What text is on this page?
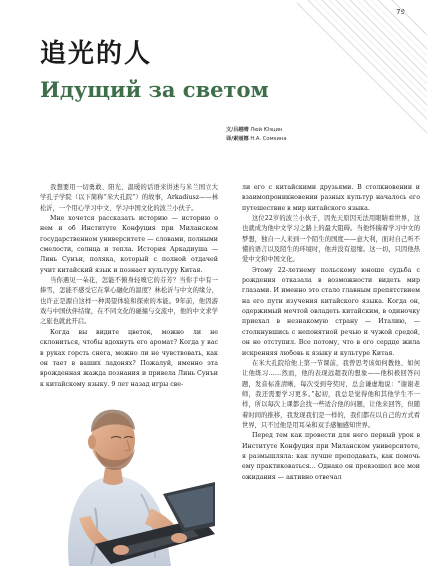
79
追光的人
Идущий за светом
文/吕越晴 Люй Юэцин
译/索丽娜 Н.А. Сомкина

我想要用一切勇敢、阳光、温暖的话语来讲述与米兰国立大学孔子学院（以下简称“米大孔院”）的故事，Arkadiusz——林松沂，一个用心学习中文、学习中国文化的波兰小伙子。

Мне хочется рассказать историю — историю о нем и об Институте Конфуция при Миланском государственном университете — словами, полными смелости, солнца и тепла. История Аркадиуша — Линь Сунъи, поляка, который с полной отдачей учит китайский язык и познает культуру Китая.

当你遇见一朵花，怎能不俯身轻嗅它的芬芳？当你手中有一捧雪，怎能不感受它在掌心融化的温度？林松沂与中文的缘分，也许正是源自这样一种渴望体验和探索的本能。9年前，他因游戏与中国伙伴结缘，在不同文化的碰撞与交流中，他的中文求学之旅也就此开启。

Когда вы видите цветок, можно ли не склониться, чтобы вдохнуть его аромат? Когда у вас в руках горсть снега, можно ли не чувствовать, как он тает в ваших ладонях? Пожалуй, именно эта врожденная жажда познания и привела Линь Сунъи к китайскому языку. 9 лет назад игры све-

ли его с китайскими друзьями. В столкновении и взаимопроникновении разных культур началось его путешествие в мир китайского языка.

这位22岁的波兰小伙子，因先天原因无法用眼睛看世界，这也就成为他中文学习之路上的最大阻碍。当他怀揣着学习中文的梦想，独自一人来到一个陌生的国度——意大利，面对自己听不懂的语言以及陌生的环境时，他并没有退缩。这一切，只因他热爱中文和中国文化。

Этому 22-летнему польскому юноше судьба с рождения отказала в возможности видеть мир глазами. И именно это стало главным препятствием на его пути изучения китайского языка. Когда он, одержимый мечтой овладеть китайским, в одиночку приехал в незнакомую страну — Италию, — столкнувшись с непонятной речью и чужой средой, он не отступил. Все потому, что в его сердце жила искренняя любовь к языку и культуре Китая.

在米大孔院给他上第一节课前，我曾思考该如何教他、如何让他练习……然而，他的表现远超我的想象——他积极回答问题，发音标准清晰，每次受到夸奖时，总会谦虚地说：“谢谢老师，我还需要学习更多。”起初，我总是觉得他和其他学生不一样，所以每次上课都会找一些适合他的问题，让他来回答，但随着时间的推移，我发现我们是一样的，我们都在以自己的方式看世界，只不过他是用耳朵和双手感触感知世界。

Перед тем как провести для него первый урок в Институте Конфуция при Миланском университете, я размышляла: как лучше преподавать, как помочь ему практиковаться... Однако он превзошел все мои ожидания — активно отвечал
